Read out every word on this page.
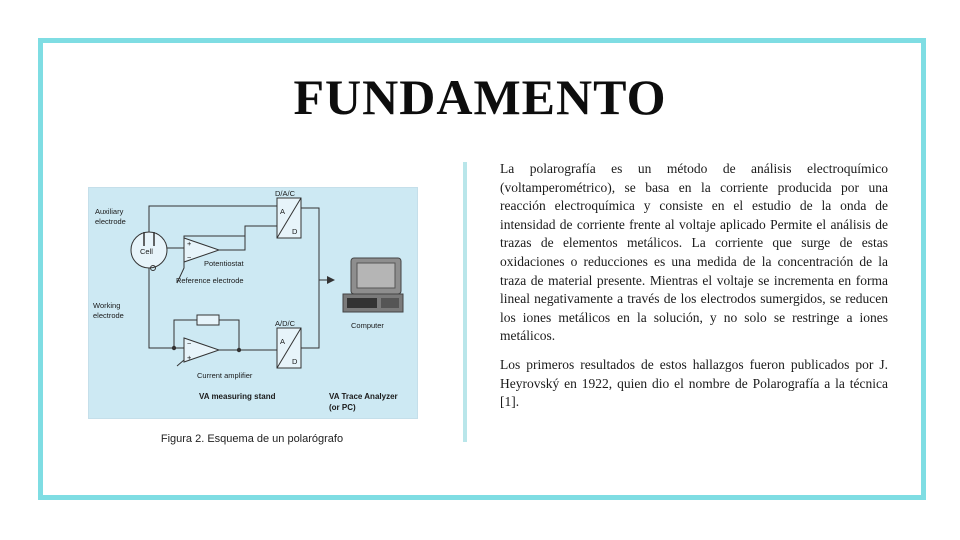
FUNDAMENTO
Auxiliary
electrode
Cell
Reference electrode
Potentiostat
Working
electrode
Current amplifier
D/A/C
A/D/C
A
D
A
D
+
−
−
+
Computer
VA measuring stand	VA Trace Analyzer
(or PC)
Figura 2. Esquema de un polarógrafo

La polarografía es un método de análisis electroquímico (voltamperométrico), se basa en la corriente producida por una reacción electroquímica y consiste en el estudio de la onda de intensidad de corriente frente al voltaje aplicado Permite el análisis de trazas de elementos metálicos. La corriente que surge de estas oxidaciones o reducciones es una medida de la concentración de la traza de material presente. Mientras el voltaje se incrementa en forma lineal negativamente a través de los electrodos sumergidos, se reducen los iones metálicos en la solución, y no solo se restringe a iones metálicos.

Los primeros resultados de estos hallazgos fueron publicados por J. Heyrovský en 1922, quien dio el nombre de Polarografía a la técnica [1].
